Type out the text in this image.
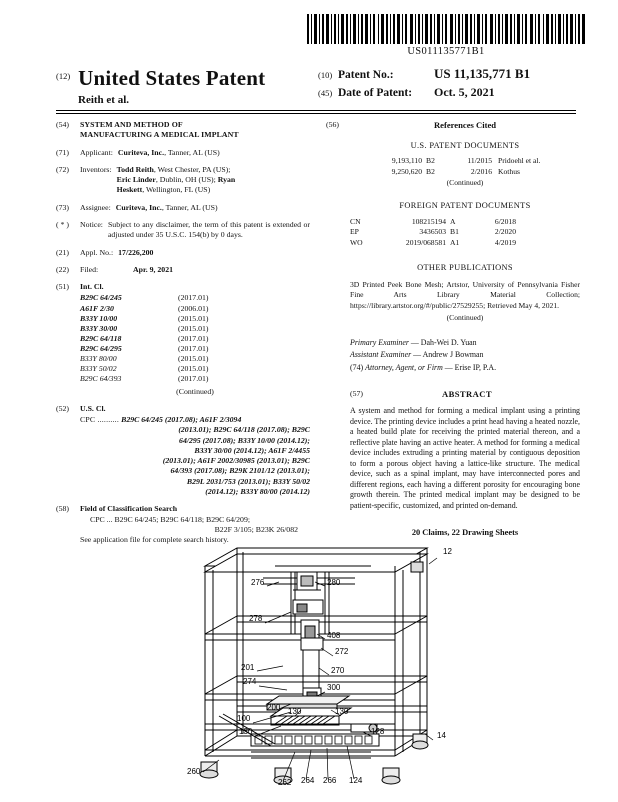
US011135771B1
$^{(12)}$ United States Patent
Reith et al.
(10) Patent No.:	US 11,135,771 B1
(45) Date of Patent:	Oct. 5, 2021
(54)	SYSTEM AND METHOD OF
MANUFACTURING A MEDICAL IMPLANT
(71)	Applicant: Curiteva, Inc., Tanner, AL (US)
(72)	Inventors: Todd Reith, West Chester, PA (US);
Eric Linder, Dublin, OH (US); Ryan
Heskett, Wellington, FL (US)
(73)	Assignee: Curiteva, Inc., Tanner, AL (US)
( * )	Notice: Subject to any disclaimer, the term of this patent is extended or adjusted under 35 U.S.C. 154(b) by 0 days.
(21)	Appl. No.: 17/226,200
(22)	Filed:	Apr. 9, 2021
(51)	Int. Cl.
B29C 64/245	(2017.01)
A61F 2/30	(2006.01)
B33Y 10/00	(2015.01)
B33Y 30/00	(2015.01)
B29C 64/118	(2017.01)
B29C 64/295	(2017.01)
B33Y 80/00	(2015.01)
B33Y 50/02	(2015.01)
B29C 64/393	(2017.01)
(Continued)
(52)	U.S. Cl.
CPC .......... B29C 64/245 (2017.08); A61F 2/3094
(2013.01); B29C 64/118 (2017.08); B29C
64/295 (2017.08); B33Y 10/00 (2014.12);
B33Y 30/00 (2014.12); A61F 2/4455
(2013.01); A61F 2002/30985 (2013.01); B29C
64/393 (2017.08); B29K 2101/12 (2013.01);
B29L 2031/753 (2013.01); B33Y 50/02
(2014.12); B33Y 80/00 (2014.12)
(58)	Field of Classification Search
CPC ... B29C 64/245; B29C 64/118; B29C 64/209;
B22F 3/105; B23K 26/082
See application file for complete search history.
(56)	References Cited
U.S. PATENT DOCUMENTS
9,193,110	B2	11/2015	Pridoehl et al.
9,250,620	B2	2/2016	Kothus
(Continued)
FOREIGN PATENT DOCUMENTS
CN	108215194	A	6/2018	
EP	3436503	B1	2/2020	
WO	2019/068581	A1	4/2019	
OTHER PUBLICATIONS
3D Printed Peek Bone Mesh; Artstor, University of Pennsylvania Fisher Fine Arts Library Material Collection; https://library.artstor.org/#/public/27529255; Retrieved May 4, 2021.
(Continued)
Primary Examiner — Dah-Wei D. Yuan
Assistant Examiner — Andrew J Bowman
(74) Attorney, Agent, or Firm — Erise IP, P.A.
(57)	ABSTRACT
A system and method for forming a medical implant using a printing device. The printing device includes a print head having a heated nozzle, a heated build plate for receiving the printed material thereon, and a reflective plate having an active heater. A method for forming a medical device includes extruding a printing material by contiguous deposition to form a porous object having a lattice-like structure. The medical device, such as a spinal implant, may have interconnected pores and different regions, each having a different porosity for encouraging bone growth therein. The printed medical implant may be designed to be patient-specific, customized, and printed on-demand.
20 Claims, 22 Drawing Sheets
12
276	280
278
408
272
201	270
274
300
200 130	130
100
130	128	14
260
262 264 266 124
